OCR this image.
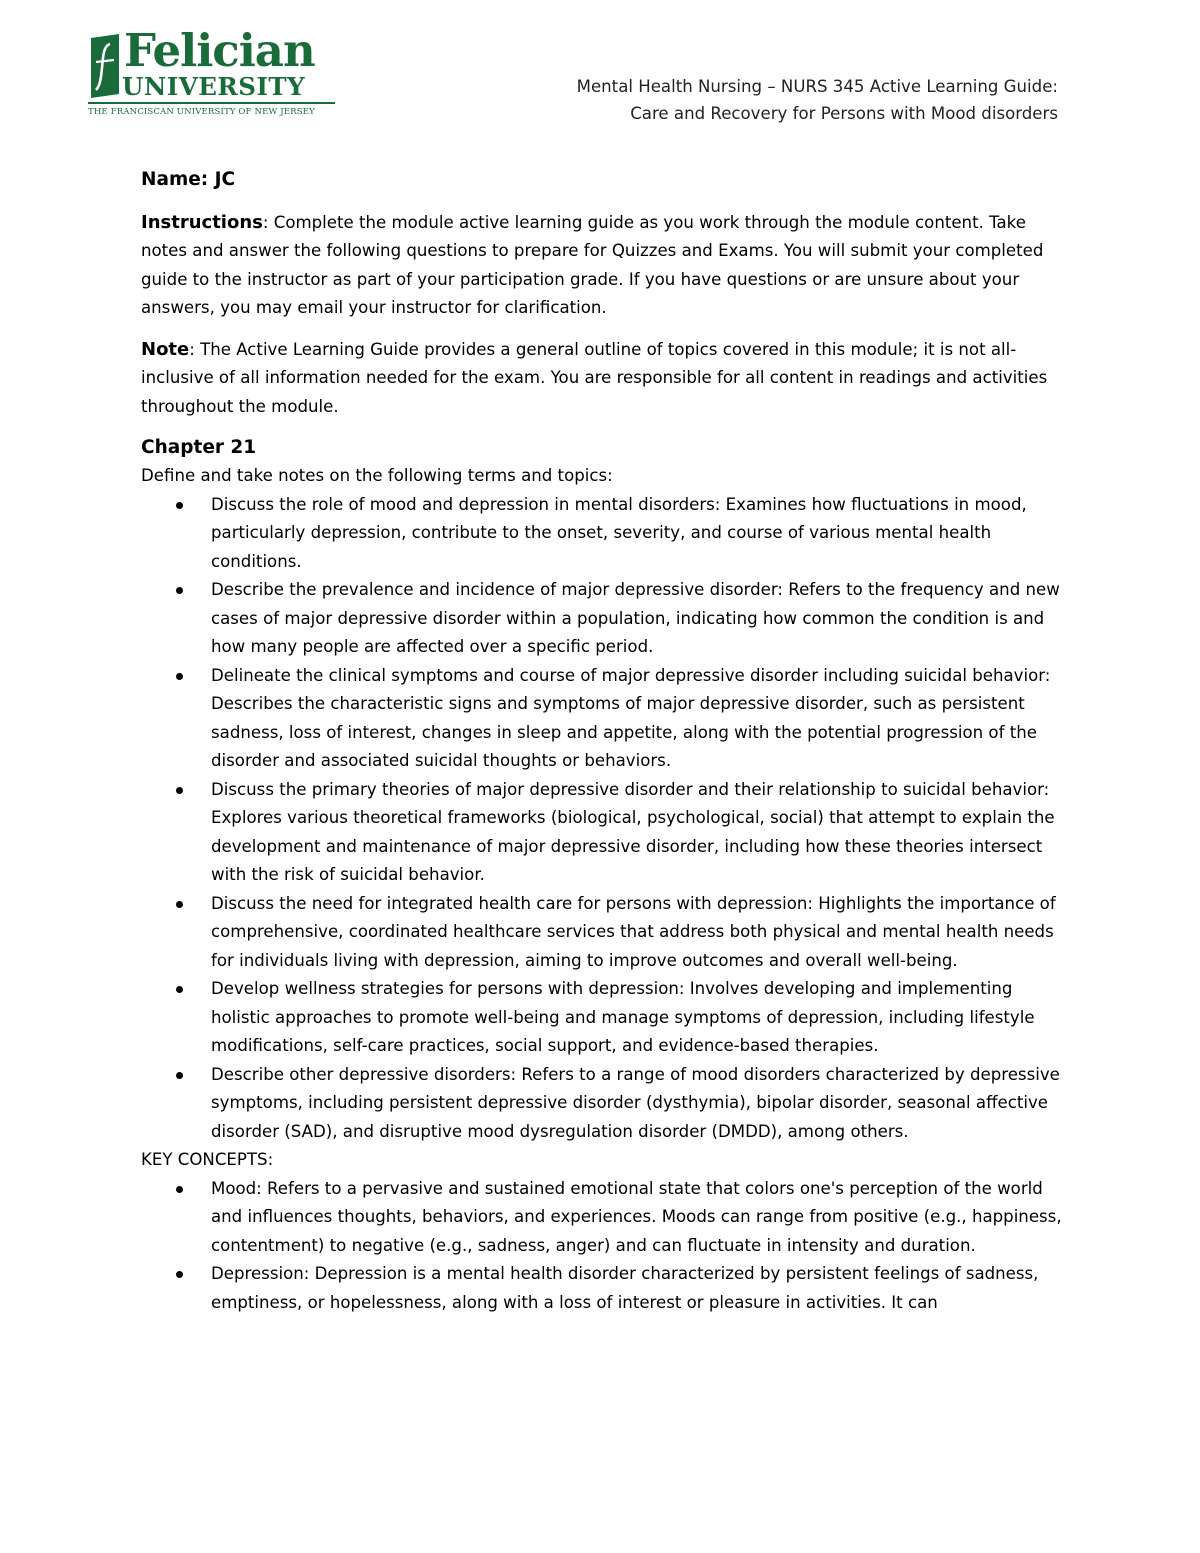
Felician
UNIVERSITY
THE FRANCISCAN UNIVERSITY OF NEW JERSEY
Mental Health Nursing – NURS 345 Active Learning Guide:
Care and Recovery for Persons with Mood disorders

Name: JC

Instructions: Complete the module active learning guide as you work through the module content. Take notes and answer the following questions to prepare for Quizzes and Exams. You will submit your completed guide to the instructor as part of your participation grade. If you have questions or are unsure about your answers, you may email your instructor for clarification.

Note: The Active Learning Guide provides a general outline of topics covered in this module; it is not all-inclusive of all information needed for the exam. You are responsible for all content in readings and activities throughout the module.

Chapter 21

Define and take notes on the following terms and topics:

Discuss the role of mood and depression in mental disorders: Examines how fluctuations in mood, particularly depression, contribute to the onset, severity, and course of various mental health conditions.
Describe the prevalence and incidence of major depressive disorder: Refers to the frequency and new cases of major depressive disorder within a population, indicating how common the condition is and how many people are affected over a specific period.
Delineate the clinical symptoms and course of major depressive disorder including suicidal behavior: Describes the characteristic signs and symptoms of major depressive disorder, such as persistent sadness, loss of interest, changes in sleep and appetite, along with the potential progression of the disorder and associated suicidal thoughts or behaviors.
Discuss the primary theories of major depressive disorder and their relationship to suicidal behavior: Explores various theoretical frameworks (biological, psychological, social) that attempt to explain the development and maintenance of major depressive disorder, including how these theories intersect with the risk of suicidal behavior.
Discuss the need for integrated health care for persons with depression: Highlights the importance of comprehensive, coordinated healthcare services that address both physical and mental health needs for individuals living with depression, aiming to improve outcomes and overall well-being.
Develop wellness strategies for persons with depression: Involves developing and implementing holistic approaches to promote well-being and manage symptoms of depression, including lifestyle modifications, self-care practices, social support, and evidence-based therapies.
Describe other depressive disorders: Refers to a range of mood disorders characterized by depressive symptoms, including persistent depressive disorder (dysthymia), bipolar disorder, seasonal affective disorder (SAD), and disruptive mood dysregulation disorder (DMDD), among others.

KEY CONCEPTS:

Mood: Refers to a pervasive and sustained emotional state that colors one's perception of the world and influences thoughts, behaviors, and experiences. Moods can range from positive (e.g., happiness, contentment) to negative (e.g., sadness, anger) and can fluctuate in intensity and duration.
Depression: Depression is a mental health disorder characterized by persistent feelings of sadness, emptiness, or hopelessness, along with a loss of interest or pleasure in activities. It can
